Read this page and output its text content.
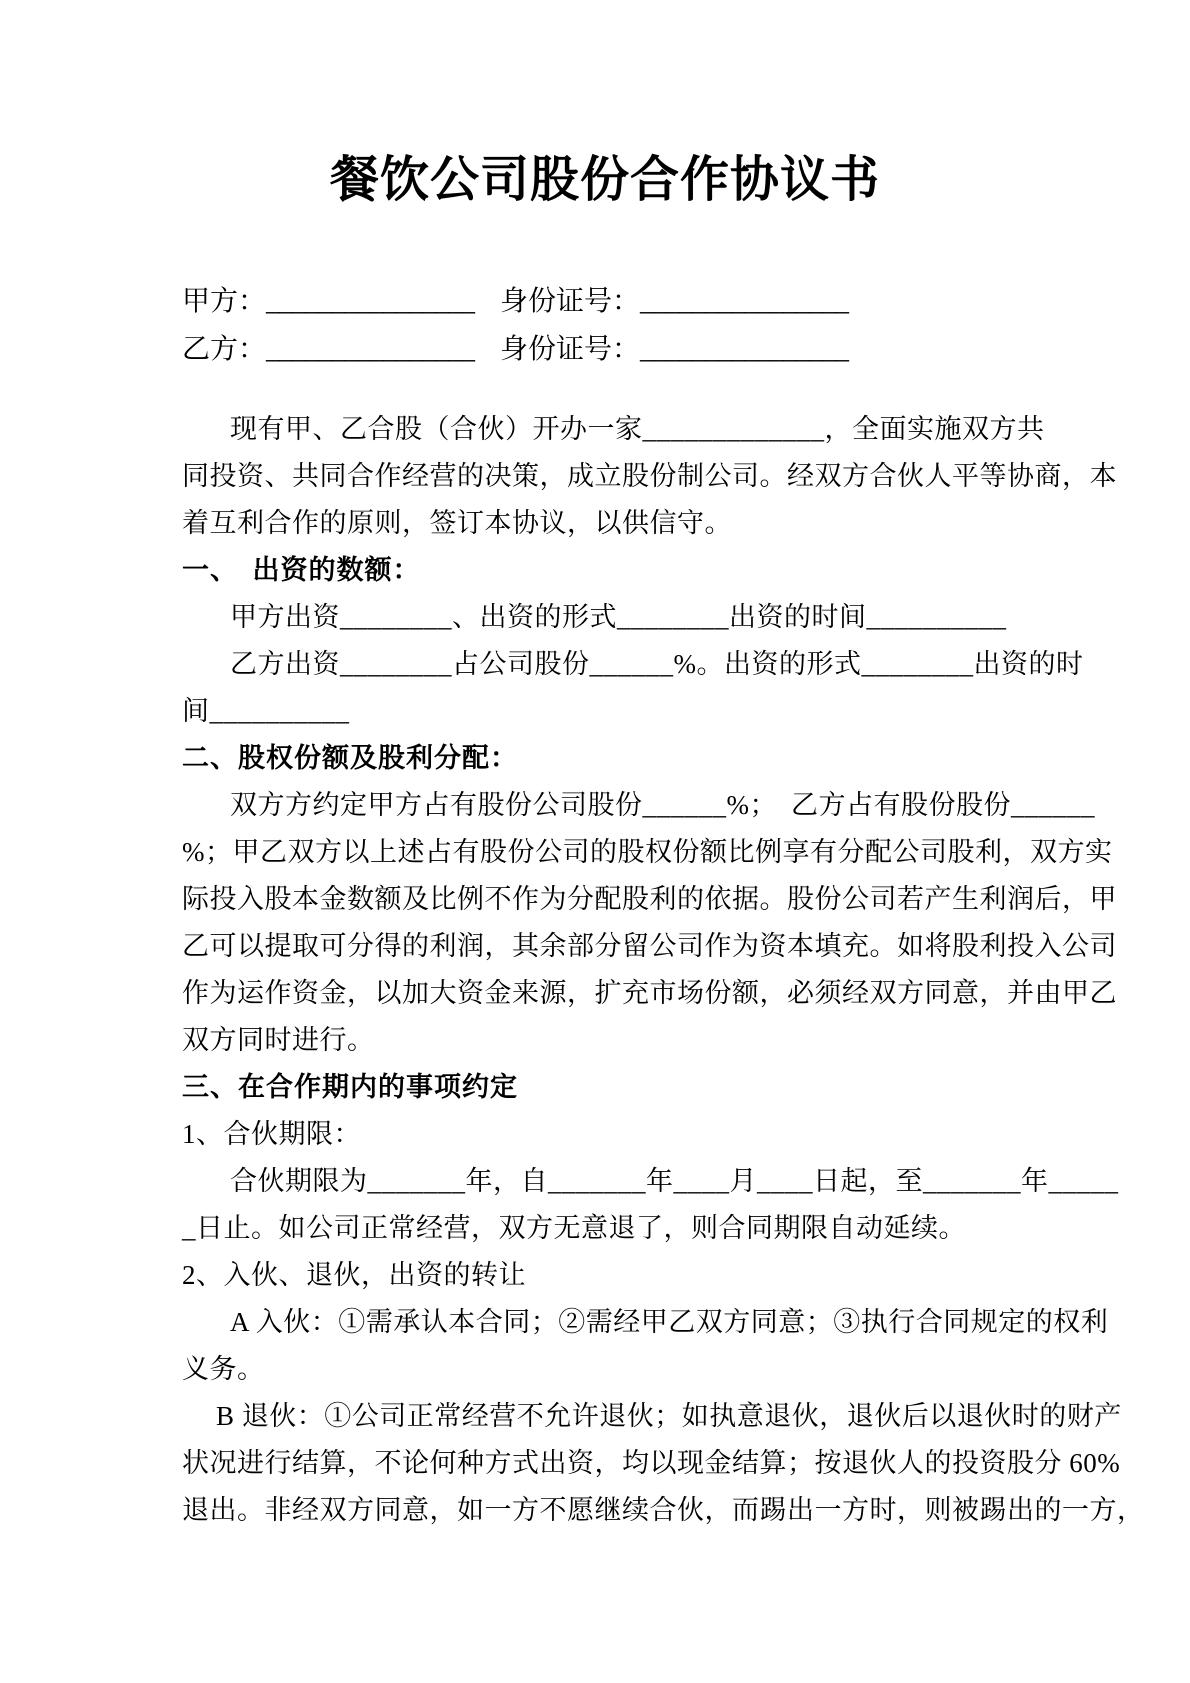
餐饮公司股份合作协议书
甲方：________________ 身份证号：________________
乙方：________________ 身份证号：________________
现有甲、乙合股（合伙）开办一家_____________，全面实施双方共
同投资、共同合作经营的决策，成立股份制公司。经双方合伙人平等协商，本
着互利合作的原则，签订本协议，以供信守。
一、　出资的数额：
甲方出资________、出资的形式________出资的时间__________
乙方出资________占公司股份______%。出资的形式________出资的时
间__________
二、股权份额及股利分配：
双方方约定甲方占有股份公司股份______%；　乙方占有股份股份______
%；甲乙双方以上述占有股份公司的股权份额比例享有分配公司股利，双方实
际投入股本金数额及比例不作为分配股利的依据。股份公司若产生利润后，甲
乙可以提取可分得的利润，其余部分留公司作为资本填充。如将股利投入公司
作为运作资金，以加大资金来源，扩充市场份额，必须经双方同意，并由甲乙
双方同时进行。
三、在合作期内的事项约定
1、合伙期限：
合伙期限为_______年，自_______年____月____日起，至_______年_____
_日止。如公司正常经营，双方无意退了，则合同期限自动延续。
2、入伙、退伙，出资的转让
A 入伙：①需承认本合同；②需经甲乙双方同意；③执行合同规定的权利
义务。
B 退伙：①公司正常经营不允许退伙；如执意退伙，退伙后以退伙时的财产
状况进行结算，不论何种方式出资，均以现金结算；按退伙人的投资股分 60%
退出。非经双方同意，如一方不愿继续合伙，而踢出一方时，则被踢出的一方，
